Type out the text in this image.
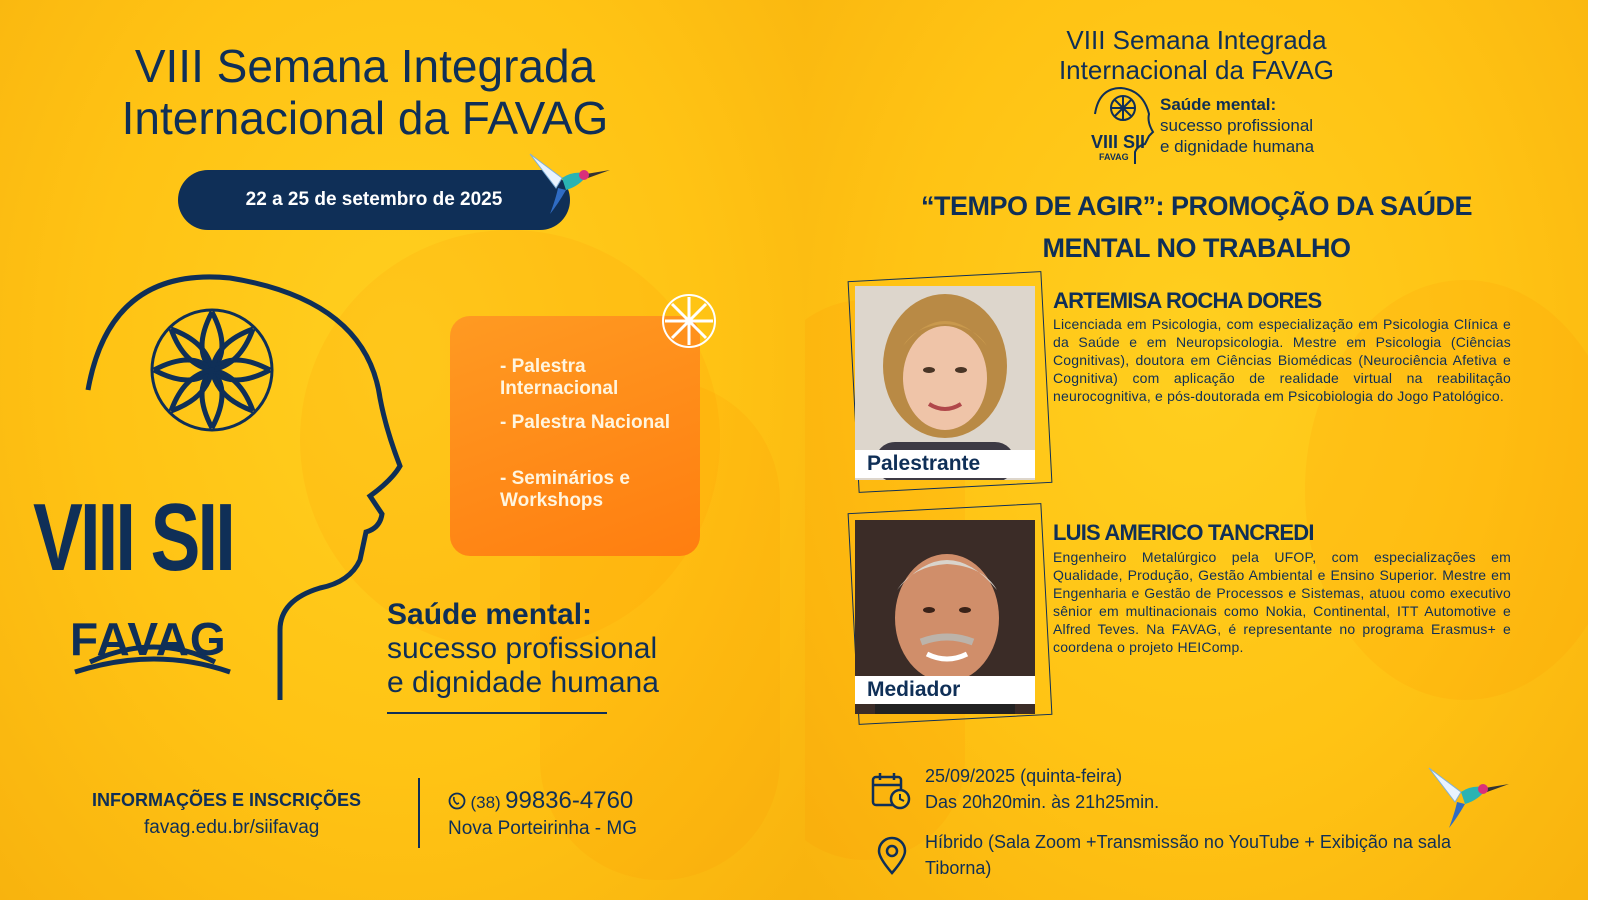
VIII Semana Integrada
Internacional da FAVAG
22 a 25 de setembro de 2025
VIII SII
FAVAG
- Palestra Internacional
- Palestra Nacional
- Seminários e Workshops
Saúde mental:
sucesso profissional
e dignidade humana
INFORMAÇÕES E INSCRIÇÕES
favag.edu.br/siifavag
(38) 99836-4760
Nova Porteirinha - MG
VIII Semana Integrada
Internacional da FAVAG
VIII SII
FAVAG
Saúde mental:
sucesso profissional
e dignidade humana
“TEMPO DE AGIR”: PROMOÇÃO DA SAÚDE
MENTAL NO TRABALHO
Palestrante
ARTEMISA ROCHA DORES
Licenciada em Psicologia, com especialização em Psicologia Clínica e da Saúde e em Neuropsicologia. Mestre em Psicologia (Ciências Cognitivas), doutora em Ciências Biomédicas (Neurociência Afetiva e Cognitiva) com aplicação de realidade virtual na reabilitação neurocognitiva, e pós-doutorada em Psicobiologia do Jogo Patológico.
Mediador
LUIS AMERICO TANCREDI
Engenheiro Metalúrgico pela UFOP, com especializações em Qualidade, Produção, Gestão Ambiental e Ensino Superior. Mestre em Engenharia e Gestão de Processos e Sistemas, atuou como executivo sênior em multinacionais como Nokia, Continental, ITT Automotive e Alfred Teves. Na FAVAG, é representante no programa Erasmus+ e coordena o projeto HEIComp.
25/09/2025 (quinta-feira)
Das 20h20min. às 21h25min.
Híbrido (Sala Zoom +Transmissão no YouTube + Exibição na sala
Tiborna)
